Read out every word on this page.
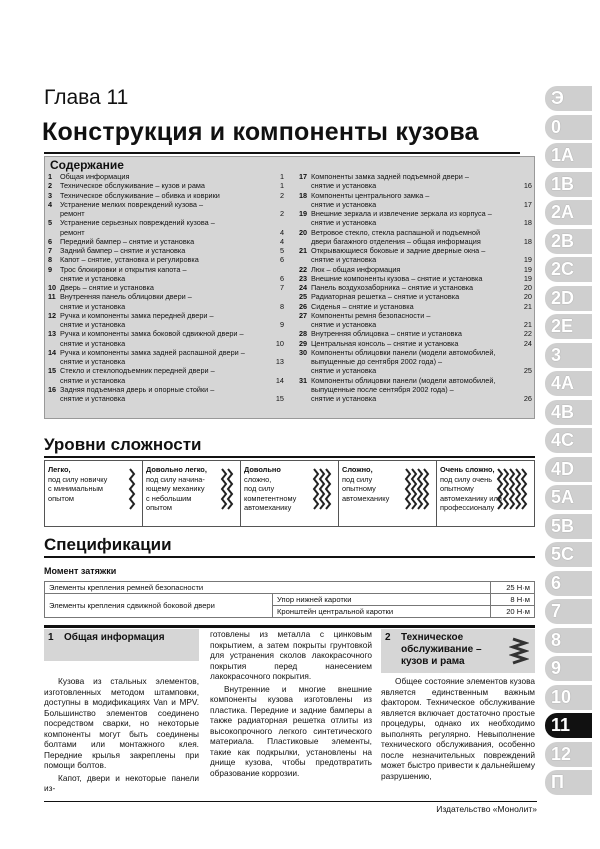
Глава 11
Конструкция и компоненты кузова
Содержание
1	Общая информация	1
2	Техническое обслуживание – кузов и рама	1
3	Техническое обслуживание – обивка и коврики	2
4	Устранение мелких повреждений кузова –
ремонт	2
5	Устранение серьезных повреждений кузова –
ремонт	4
6	Передний бампер – снятие и установка	4
7	Задний бампер – снятие и установка	5
8	Капот – снятие, установка и регулировка	6
9	Трос блокировки и открытия капота –
снятие и установка	6
10 Дверь – снятие и установка	7
11 Внутренняя панель облицовки двери –
снятие и установка	8
12 Ручка и компоненты замка передней двери –
снятие и установка	9
13 Ручка и компоненты замка боковой сдвижной двери –
снятие и установка	10
14 Ручка и компоненты замка задней распашной двери –
снятие и установка	13
15 Стекло и стеклоподъемник передней двери –
снятие и установка	14
16 Задняя подъемная дверь и опорные стойки –
снятие и установка	15
17 Компоненты замка задней подъемной двери –
снятие и установка	16
18 Компоненты центрального замка –
снятие и установка	17
19 Внешние зеркала и извлечение зеркала из корпуса –
снятие и установка	18
20 Ветровое стекло, стекла распашной и подъемной
двери багажного отделения – общая информация	18
21 Открывающиеся боковые и задние дверные окна –
снятие и установка	19
22 Люк – общая информация	19
23 Внешние компоненты кузова – снятие и установка	19
24 Панель воздухозаборника – снятие и установка	20
25 Радиаторная решетка – снятие и установка	20
26 Сиденья – снятие и установка	21
27 Компоненты ремня безопасности –
снятие и установка	21
28 Внутренняя облицовка – снятие и установка	22
29 Центральная консоль – снятие и установка	24
30 Компоненты облицовки панели (модели автомобилей,
выпущенные до сентября 2002 года) –
снятие и установка	25
31 Компоненты облицовки панели (модели автомобилей,
выпущенные после сентября 2002 года) –
снятие и установка	26
Э
0
1A
1B
2A
2B
2C
2D
2E
3
4A
4B
4C
4D
5A
5B
5C
6
7
8
9
10
11
12
П
Уровни сложности
Легко,
под силу новичку
с минимальным
опытом
Довольно легко,
под силу начина-
ющему механику
с небольшим
опытом
Довольно
сложно,
под силу
компетентному
автомеханику
Сложно,
под силу
опытному
автомеханику
Очень сложно,
под силу очень
опытному
автомеханику или
профессионалу
Спецификации
Момент затяжки
Элементы крепления ремней безопасности		25 Н·м
Элементы крепления сдвижной боковой двери	Упор нижней каротки	8 Н·м
	Кронштейн центральной каротки	20 Н·м
1 Общая информация

Кузова из стальных элементов, изготовленных методом штамповки, доступны в модификациях Van и MPV. Большинство элементов соединено посредством сварки, но некоторые компоненты могут быть соединены болтами или монтажного клея. Передние крылья закреплены при помощи болтов.

Капот, двери и некоторые панели из-

готовлены из металла с цинковым покрытием, а затем покрыты грунтовкой для устранения сколов лакокрасочного покрытия перед нанесением лакокрасочного покрытия.

Внутренние и многие внешние компоненты кузова изготовлены из пластика. Передние и задние бамперы а также радиаторная решетка отлиты из высокопрочного легкого синтетического материала. Пластиковые элементы, такие как подкрылки, установлены на днище кузова, чтобы предотвратить образование коррозии.

2 Техническое
обслуживание –
кузов и рама

Общее состояние элементов кузова является единственным важным фактором. Техническое обслуживание является включает достаточно простые процедуры, однако их необходимо выполнять регулярно. Невыполнение технического обслуживания, особенно после незначительных повреждений может быстро привести к дальнейшему разрушению,

Издательство «Монолит»
